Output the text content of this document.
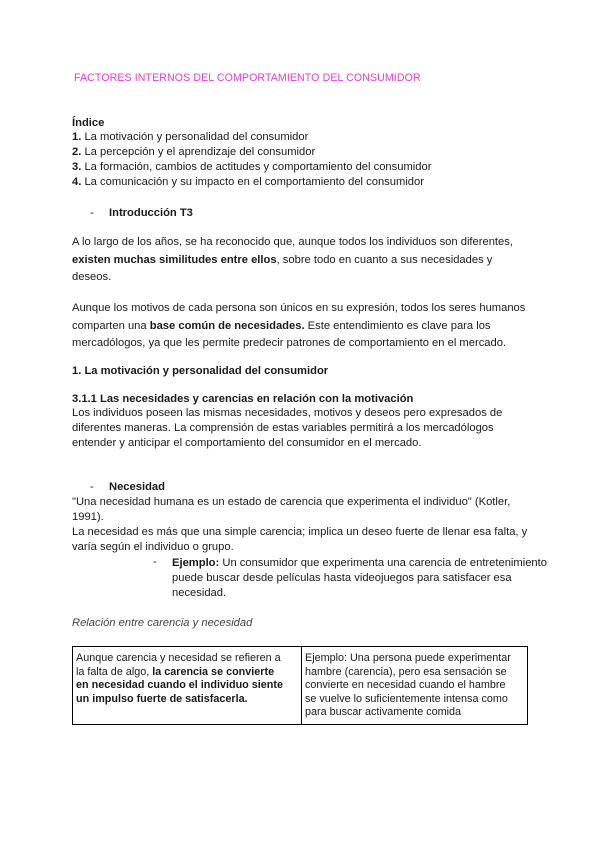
FACTORES INTERNOS DEL COMPORTAMIENTO DEL CONSUMIDOR
Índice
1. La motivación y personalidad del consumidor
2. La percepción y el aprendizaje del consumidor
3. La formación, cambios de actitudes y comportamiento del consumidor
4. La comunicación y su impacto en el comportamiento del consumidor
- Introducción T3
A lo largo de los años, se ha reconocido que, aunque todos los individuos son diferentes,
existen muchas similitudes entre ellos, sobre todo en cuanto a sus necesidades y
deseos.
Aunque los motivos de cada persona son únicos en su expresión, todos los seres humanos
comparten una base común de necesidades. Este entendimiento es clave para los
mercadólogos, ya que les permite predecir patrones de comportamiento en el mercado.
1. La motivación y personalidad del consumidor
3.1.1 Las necesidades y carencias en relación con la motivación
Los individuos poseen las mismas necesidades, motivos y deseos pero expresados de
diferentes maneras. La comprensión de estas variables permitirá a los mercadólogos
entender y anticipar el comportamiento del consumidor en el mercado.
- Necesidad
"Una necesidad humana es un estado de carencia que experimenta el individuo" (Kotler,
1991).
La necesidad es más que una simple carencia; implica un deseo fuerte de llenar esa falta, y
varía según el individuo o grupo.
- Ejemplo: Un consumidor que experimenta una carencia de entretenimiento
puede buscar desde películas hasta videojuegos para satisfacer esa
necesidad.
Relación entre carencia y necesidad
Aunque carencia y necesidad se refieren a
la falta de algo, la carencia se convierte
en necesidad cuando el individuo siente
un impulso fuerte de satisfacerla.

Ejemplo: Una persona puede experimentar
hambre (carencia), pero esa sensación se
convierte en necesidad cuando el hambre
se vuelve lo suficientemente intensa como
para buscar activamente comida
